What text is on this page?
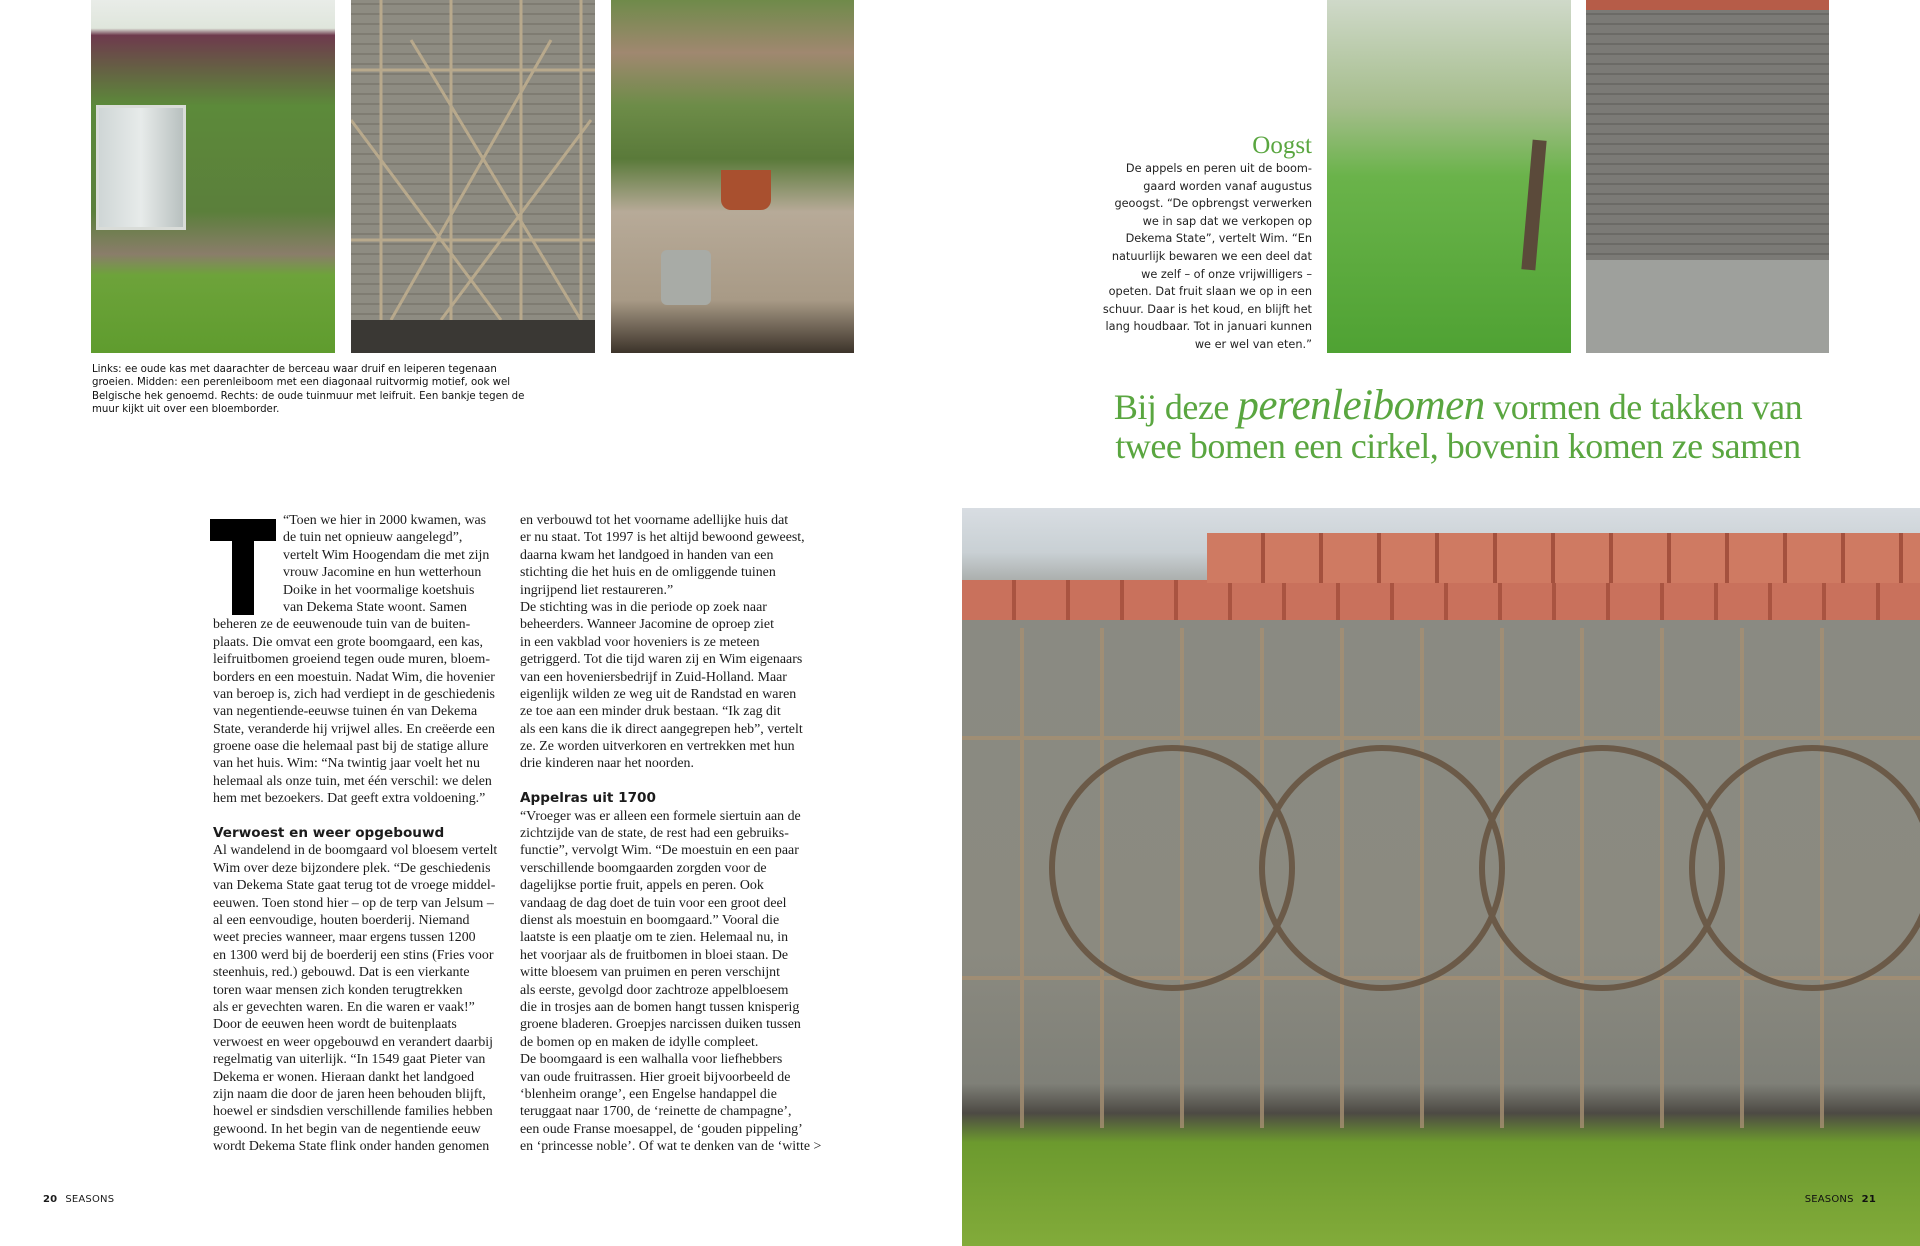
Links: ee oude kas met daarachter de berceau waar druif en leiperen tegenaan groeien. Midden: een perenleiboom met een diagonaal ruitvormig motief, ook wel Belgische hek genoemd. Rechts: de oude tuinmuur met leifruit. Een bankje tegen de muur kijkt uit over een bloemborder.
Oogst
De appels en peren uit de boom-
gaard worden vanaf augustus
geoogst. “De opbrengst verwerken
we in sap dat we verkopen op
Dekema State”, vertelt Wim. “En
natuurlijk bewaren we een deel dat
we zelf – of onze vrijwilligers –
opeten. Dat fruit slaan we op in een
schuur. Daar is het koud, en blijft het
lang houdbaar. Tot in januari kunnen
we er wel van eten.”
Bij deze perenleibomen vormen de takken van
twee bomen een cirkel, bovenin komen ze samen
SEASONS 21
“Toen we hier in 2000 kwamen, was
de tuin net opnieuw aangelegd”,
vertelt Wim Hoogendam die met zijn
vrouw Jacomine en hun wetterhoun
Doike in het voormalige koetshuis
van Dekema State woont. Samen
beheren ze de eeuwenoude tuin van de buiten-
plaats. Die omvat een grote boomgaard, een kas,
leifruitbomen groeiend tegen oude muren, bloem-
borders en een moestuin. Nadat Wim, die hovenier
van beroep is, zich had verdiept in de geschiedenis
van negentiende-eeuwse tuinen én van Dekema
State, veranderde hij vrijwel alles. En creëerde een
groene oase die helemaal past bij de statige allure
van het huis. Wim: “Na twintig jaar voelt het nu
helemaal als onze tuin, met één verschil: we delen
hem met bezoekers. Dat geeft extra voldoening.”
Verwoest en weer opgebouwd
Al wandelend in de boomgaard vol bloesem vertelt
Wim over deze bijzondere plek. “De geschiedenis
van Dekema State gaat terug tot de vroege middel-
eeuwen. Toen stond hier – op de terp van Jelsum –
al een eenvoudige, houten boerderij. Niemand
weet precies wanneer, maar ergens tussen 1200
en 1300 werd bij de boerderij een stins (Fries voor
steenhuis, red.) gebouwd. Dat is een vierkante
toren waar mensen zich konden terugtrekken
als er gevechten waren. En die waren er vaak!”
Door de eeuwen heen wordt de buitenplaats
verwoest en weer opgebouwd en verandert daarbij
regelmatig van uiterlijk. “In 1549 gaat Pieter van
Dekema er wonen. Hieraan dankt het landgoed
zijn naam die door de jaren heen behouden blijft,
hoewel er sindsdien verschillende families hebben
gewoond. In het begin van de negentiende eeuw
wordt Dekema State flink onder handen genomen
en verbouwd tot het voorname adellijke huis dat
er nu staat. Tot 1997 is het altijd bewoond geweest,
daarna kwam het landgoed in handen van een
stichting die het huis en de omliggende tuinen
ingrijpend liet restaureren.”
De stichting was in die periode op zoek naar
beheerders. Wanneer Jacomine de oproep ziet
in een vakblad voor hoveniers is ze meteen
getriggerd. Tot die tijd waren zij en Wim eigenaars
van een hoveniersbedrijf in Zuid-Holland. Maar
eigenlijk wilden ze weg uit de Randstad en waren
ze toe aan een minder druk bestaan. “Ik zag dit
als een kans die ik direct aangegrepen heb”, vertelt
ze. Ze worden uitverkoren en vertrekken met hun
drie kinderen naar het noorden.
Appelras uit 1700
“Vroeger was er alleen een formele siertuin aan de
zichtzijde van de state, de rest had een gebruiks-
functie”, vervolgt Wim. “De moestuin en een paar
verschillende boomgaarden zorgden voor de
dagelijkse portie fruit, appels en peren. Ook
vandaag de dag doet de tuin voor een groot deel
dienst als moestuin en boomgaard.” Vooral die
laatste is een plaatje om te zien. Helemaal nu, in
het voorjaar als de fruitbomen in bloei staan. De
witte bloesem van pruimen en peren verschijnt
als eerste, gevolgd door zachtroze appelbloesem
die in trosjes aan de bomen hangt tussen knisperig
groene bladeren. Groepjes narcissen duiken tussen
de bomen op en maken de idylle compleet.
De boomgaard is een walhalla voor liefhebbers
van oude fruitrassen. Hier groeit bijvoorbeeld de
‘blenheim orange’, een Engelse handappel die
teruggaat naar 1700, de ‘reinette de champagne’,
een oude Franse moesappel, de ‘gouden pippeling’
en ‘princesse noble’. Of wat te denken van de ‘witte >
20 SEASONS
